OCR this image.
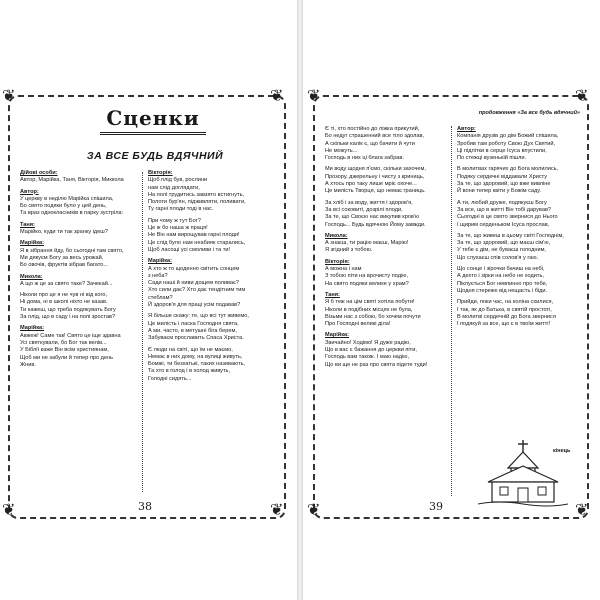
❦	❦
❦	❦
Сценки
ЗА ВСЕ БУДЬ ВДЯЧНИЙ

Дійові особи:
Автор, Марійка, Таня, Вікторія, Миккола

Автор:
У церкву в неділю Марійка спішила,
Бо свято подяки було у цей день,
Та враз однокласників в парку зустріла:

Таня:
Марійко, куди ти так зранку ідеш?

Марійка:
Я в зібрання йду, бо сьогодні там свято,
Ми дякуєм Богу за весь урожай,
Бо овочів, фруктів зібрав багато...

Микола:
А що ж це за свято таке? Зачекай...

Ніколи про це я не чув ні від кого,
Ні дома, ні в школі ніхто не казав.
Ти кажеш, що треба подякувать Богу
За плід, що в саду і на полі зростав?

Марійка:
Авжеж! Саме так! Свято це іще здавна
Усі святкували, бо Бог так велів...
У Біблії каже Він всім християнам,
Щоб ми не забули й тепер про день
Жнив.

Вікторія:
Щоб плід був, рослини
нам слід доглядати,
На полі трудитись завзято встигнуть,
Полоти бур'ян, підживляти, поливати,
Ту гарні плоди тоді в нас.

При чому ж тут Бог?
Це ж бо наша ж праця!
Не Він нам вирощував гарні плоди!
Це слід було нам неабияк старались,
Щоб ласощі усі смоливи і та ти!

Марійка:
А хто ж то щоденно світить сонцем
з неба?
Сади наші й ниви дощем поливає?
Хто сили дає? Хто дає тендітним тим
стеблам?
Й здоров'я для праці усім подавав?

Я більше скажу: те, що всі тут живемо,
Це милість і ласка Господня свята,
А ми, часто, в метушні біга берем,
Забуваєм прославить Спаса Христа.

Є люди на світі, що їм не маємо,
Немає в них дому, на вулиці живуть,
Бомжі, ти безхатькі, таких називають,
Та хто в голод і в холод живуть,
Голодні сидять...

38
❦	❦
❦	❦
продовження «За все будь вдячний»

Є ті, хто постійно до ліжка прикутий,
Бо недуг страшенний все тіло здолав,
А скільки калік є, що бачити й чути
Не можуть...
Господь в них ці блага забрав.

Ми воду щодня п'ємо, скільки захочем,
Прозору, джерельну і чисту з криниць,
А хтось про таку лише мріє охоче...
Це милість Творця, що немає границь.

За хліб і за воду, життя і здоров'я,
За всі соковиті, дозрілі плоди,
За те, що Своєю нас викупив кров'ю
Господь... Будь вдячною Йому завжди.

Микола:
А знаєш, ти рацію маєш, Марію!
Я згідний з тобою.

Вікторія:
А можна і нам
З тобою піти на врочисту подію,
На свято подяки велике у храм?

Таня:
Я б теж на цім святі хотіла побути!
Ніколи в подібних місцях не була,
Візьми нас з собою, бо хочем почути
Про Господні великі діла!

Марійка:
Звичайно! Ходімо! Я дуже радію,
Що в вас є бажання до церкви піти,
Господь вам також. І маю надію,
Що ви ще не раз про свята підете туди!

Автор:
Компанія друзів до дім Божий спішила,
Зробив там роботу Свою Дух Святий,
Ці підлітки в серце Ісуса впустили,
По стежці вузенькій пішли.

В молитвах гарячих до Бога молились,
Подяку сердечні віддавали Христу
За те, що здоровий, що вже вивліне
Й вони тепер квіти у Божім саду.

А ти, любий друже, подякуєш Богу
За все, що в житті Він тобі дарував?
Сьогодні в це свято звернися до Нього
І щирим серденьком Ісуса прослав,

За те, що живеш в цьому світі Господнім,
За те, що здоровий, що маєш сім'ю,
У тебе є дім, не буваєш голодним,
Що слухаєш спів солов'я у гаю.

Що сонце і зірочки бачиш на небі,
А дехто і зірки на небо не ходить,
Піклується Бог невпинно про тебе,
Щодня стереже від нещасть і біди.

Прийди, поки час, на коліна схилися,
І так, як до Батька, в святій простоті,
В молитві сердечній до Бога звернися
І подякуй за все, що є в твоїм житті!

кінець
39
